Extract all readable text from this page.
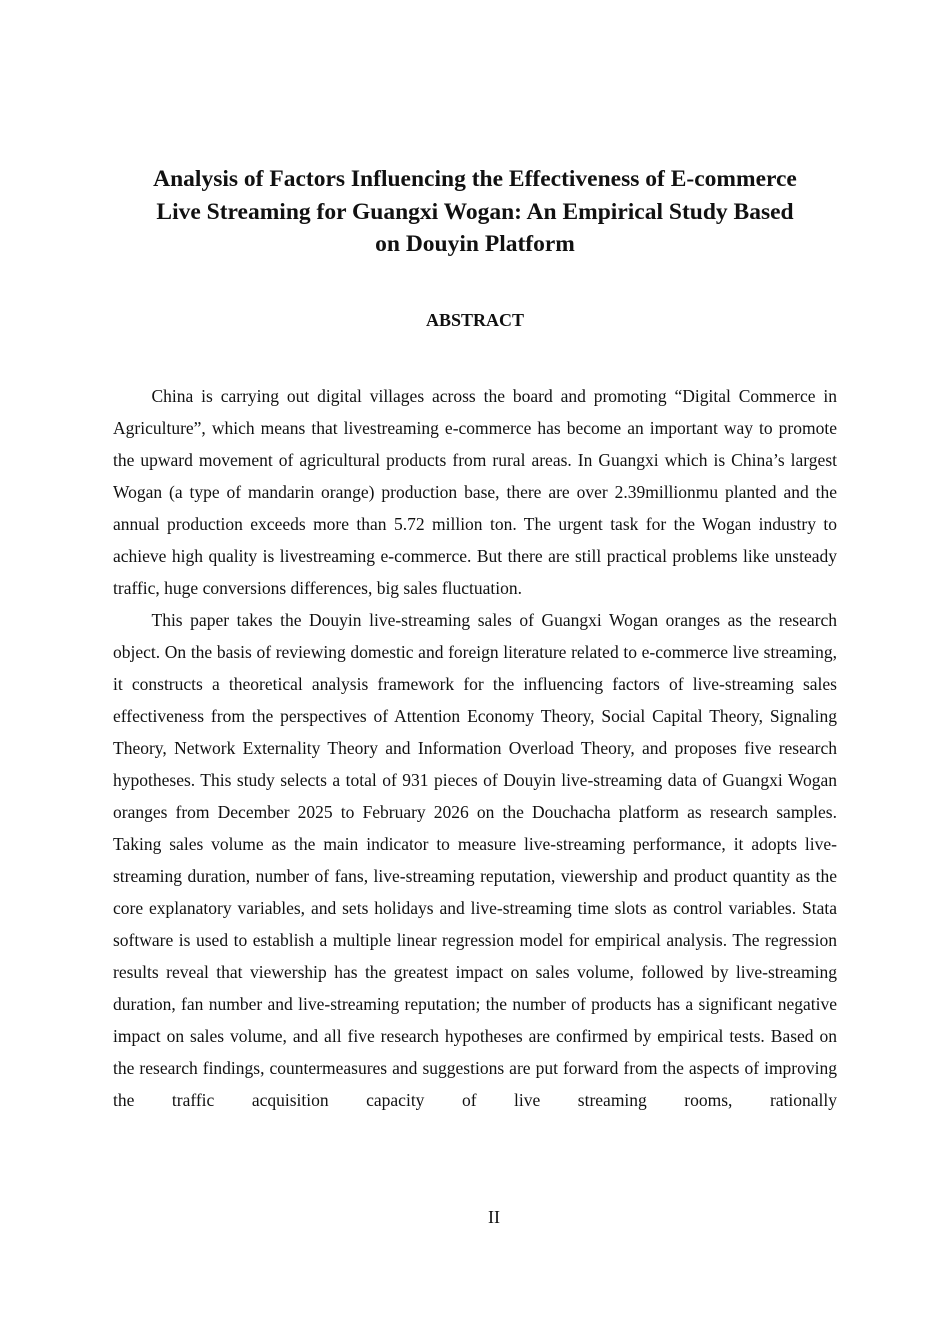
Analysis of Factors Influencing the Effectiveness of E-commerce
Live Streaming for Guangxi Wogan: An Empirical Study Based
on Douyin Platform
ABSTRACT

China is carrying out digital villages across the board and promoting “Digital Commerce in Agriculture”, which means that livestreaming e-commerce has become an important way to promote the upward movement of agricultural products from rural areas. In Guangxi which is China’s largest Wogan (a type of mandarin orange) production base, there are over 2.39millionmu planted and the annual production exceeds more than 5.72 million ton. The urgent task for the Wogan industry to achieve high quality is livestreaming e-commerce. But there are still practical problems like unsteady traffic, huge conversions differences, big sales fluctuation.

This paper takes the Douyin live-streaming sales of Guangxi Wogan oranges as the research object. On the basis of reviewing domestic and foreign literature related to e-commerce live streaming, it constructs a theoretical analysis framework for the influencing factors of live-streaming sales effectiveness from the perspectives of Attention Economy Theory, Social Capital Theory, Signaling Theory, Network Externality Theory and Information Overload Theory, and proposes five research hypotheses. This study selects a total of 931 pieces of Douyin live-streaming data of Guangxi Wogan oranges from December 2025 to February 2026 on the Douchacha platform as research samples. Taking sales volume as the main indicator to measure live-streaming performance, it adopts live-streaming duration, number of fans, live-streaming reputation, viewership and product quantity as the core explanatory variables, and sets holidays and live-streaming time slots as control variables. Stata software is used to establish a multiple linear regression model for empirical analysis. The regression results reveal that viewership has the greatest impact on sales volume, followed by live-streaming duration, fan number and live-streaming reputation; the number of products has a significant negative impact on sales volume, and all five research hypotheses are confirmed by empirical tests. Based on the research findings, countermeasures and suggestions are put forward from the aspects of improving the traffic acquisition capacity of live streaming rooms, rationally

II
